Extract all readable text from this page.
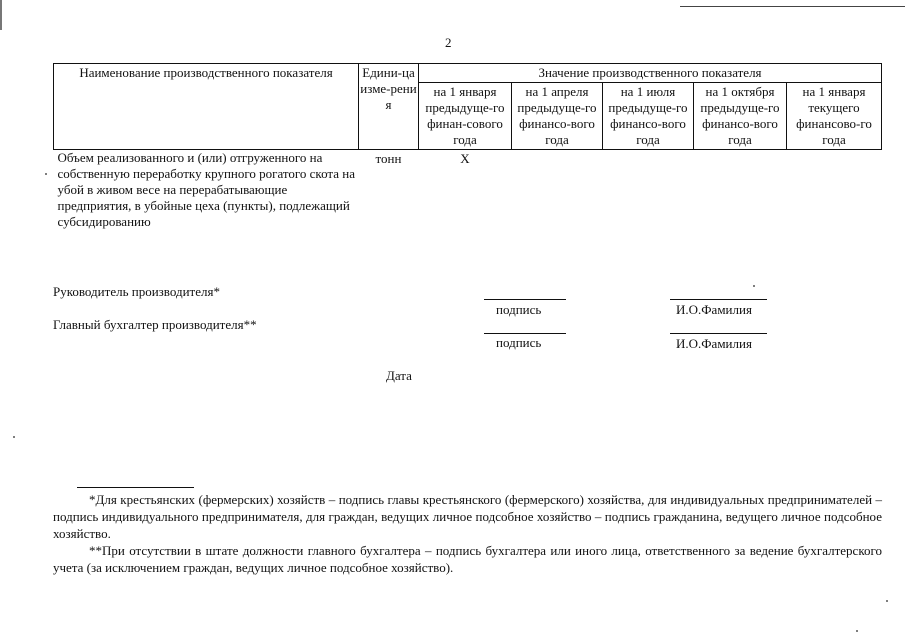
2
Наименование производственного показателя	Едини-ца изме-рения	Значение производственного показателя				
		на 1 января предыдуще-го финан-сового года	на 1 апреля предыдуще-го финансо-вого года	на 1 июля предыдуще-го финансо-вого года	на 1 октября предыдуще-го финансо-вого года	на 1 января текущего финансово-го года
Объем реализованного и (или) отгруженного на собственную переработку крупного рогатого скота на убой в живом весе на перерабатывающие предприятия, в убойные цеха (пункты), подлежащий субсидированию	тонн	Х				
Руководитель производителя*
Главный бухгалтер производителя**
подпись	И.О.Фамилия
подпись	И.О.Фамилия
Дата
*Для крестьянских (фермерских) хозяйств – подпись главы крестьянского (фермерского) хозяйства, для индивидуальных предпринимателей – подпись индивидуального предпринимателя, для граждан, ведущих личное подсобное хозяйство – подпись гражданина, ведущего личное подсобное хозяйство.
**При отсутствии в штате должности главного бухгалтера – подпись бухгалтера или иного лица, ответственного за ведение бухгалтерского учета (за исключением граждан, ведущих личное подсобное хозяйство).
